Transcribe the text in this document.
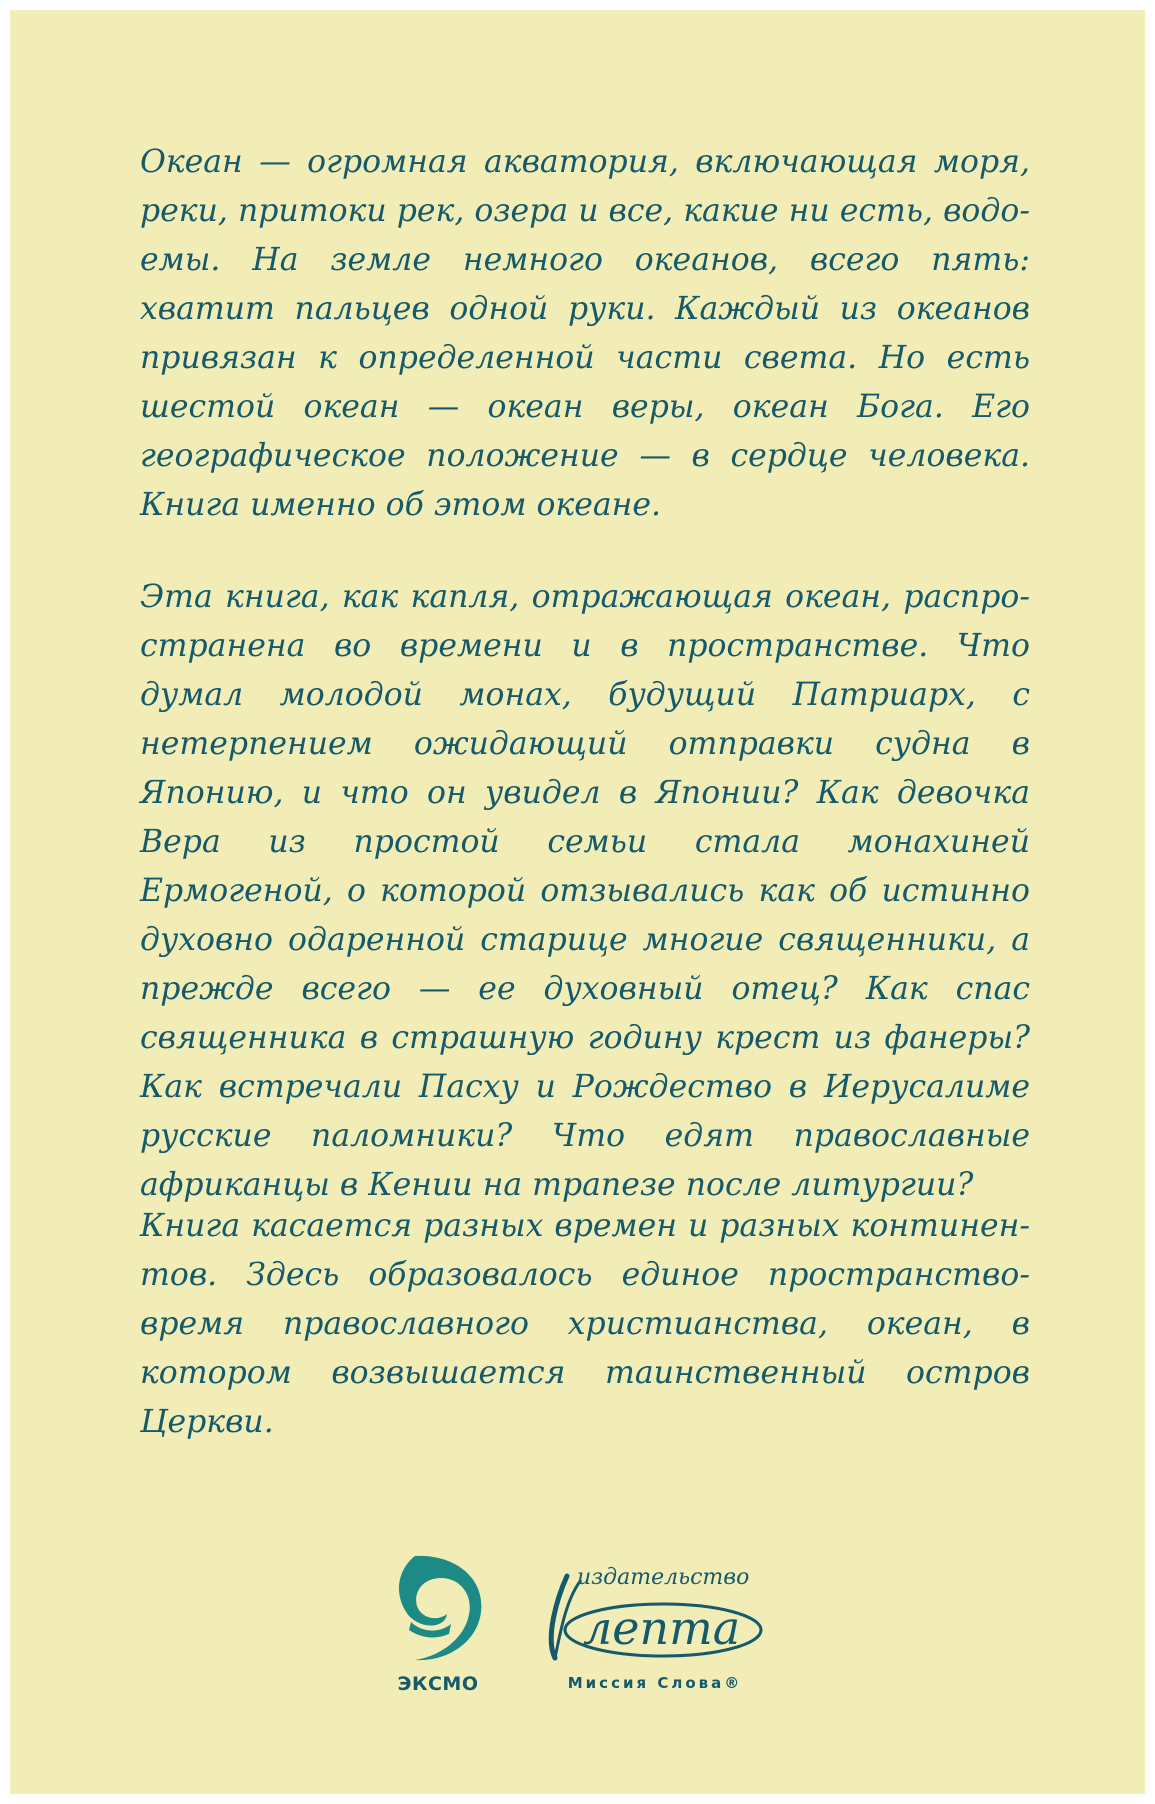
Океан — огромная акватория, включающая моря, реки, притоки рек, озера и все, какие ни есть, водоемы. На земле немного океанов, всего пять: хватит пальцев одной руки. Каждый из океанов привязан к определенной части света. Но есть шестой океан — океан веры, океан Бога. Его географическое положение — в сердце человека. Книга именно об этом океане.
Эта книга, как капля, отражающая океан, распространена во времени и в пространстве. Что думал молодой монах, будущий Патриарх, с нетерпением ожидающий отправки судна в Японию, и что он увидел в Японии? Как девочка Вера из простой семьи стала монахиней Ермогеной, о которой отзывались как об истинно духовно одаренной старице многие священники, а прежде всего — ее духовный отец? Как спас священника в страшную годину крест из фанеры? Как встречали Пасху и Рождество в Иерусалиме русские паломники? Что едят православные африканцы в Кении на трапезе после литургии?
Книга касается разных времен и разных континентов. Здесь образовалось единое пространство-время православного христианства, океан, в котором возвышается таинственный остров Церкви.
ЭКСМО
издательство
лепта
Миссия Слова®
